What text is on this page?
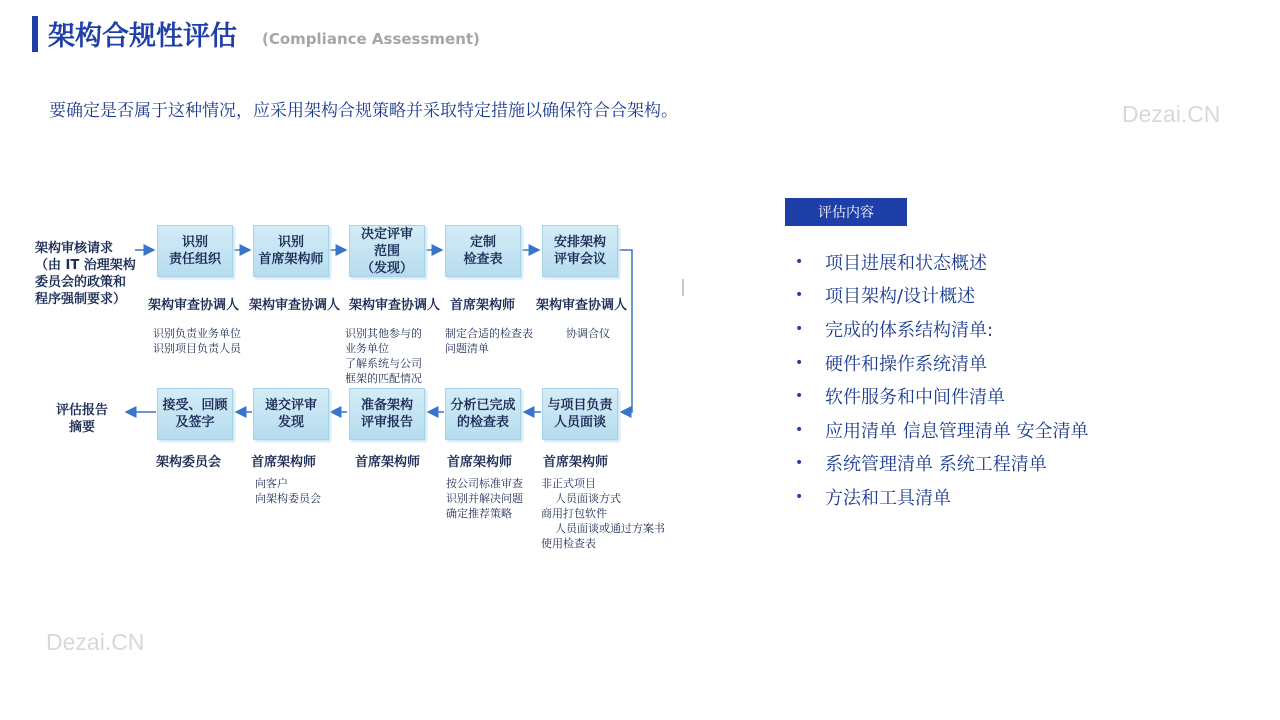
架构合规性评估 (Compliance Assessment)
要确定是否属于这种情况，应采用架构合规策略并采取特定措施以确保符合合架构。	Dezai.CN
Dezai.CN
架构审核请求
（由 IT 治理架构
委员会的政策和
程序强制要求）
评估报告
摘要
识别
责任组织
识别
首席架构师
决定评审
范围
（发现）
定制
检查表
安排架构
评审会议
架构审查协调人 架构审查协调人 架构审查协调人 首席架构师 架构审查协调人
识别负责业务单位
识别项目负责人员
识别其他参与的
业务单位
了解系统与公司
框架的匹配情况
制定合适的检查表
问题清单
协调合仪
接受、回顾
及签字
递交评审
发现
准备架构
评审报告
分析已完成
的检查表
与项目负责
人员面谈
架构委员会 首席架构师	首席架构师 首席架构师 首席架构师
向客户
向架构委员会
按公司标准审查
识别并解决问题
确定推荐策略
非正式项目
人员面谈方式
商用打包软件
人员面谈或通过方案书
使用检查表
评估内容
•	项目进展和状态概述
•	项目架构/设计概述
•	完成的体系结构清单:
•	硬件和操作系统清单
•	软件服务和中间件清单
•	应用清单 信息管理清单 安全清单
•	系统管理清单 系统工程清单
•	方法和工具清单
